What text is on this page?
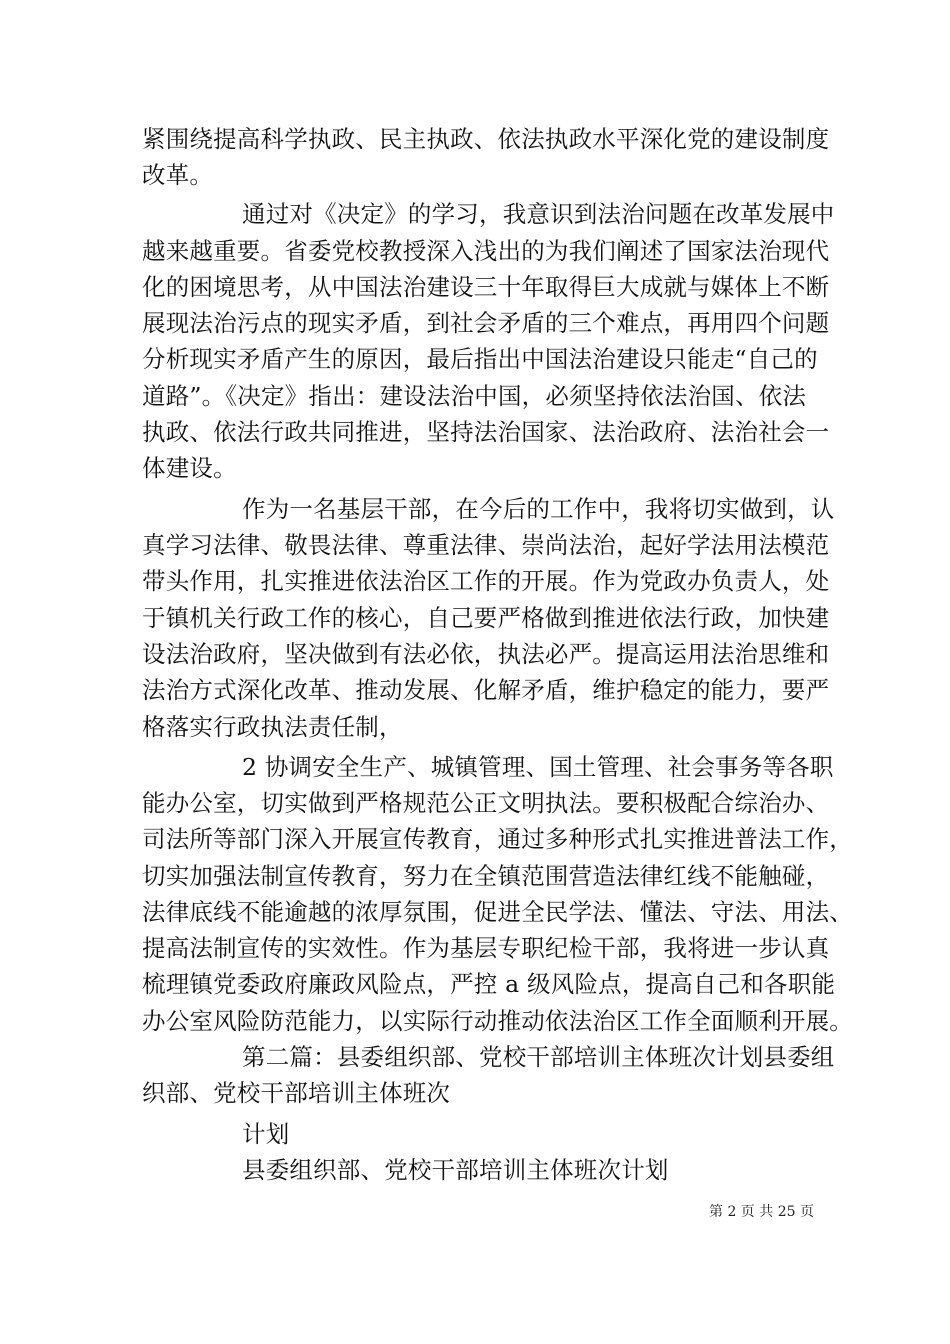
紧围绕提高科学执政、民主执政、依法执政水平深化党的建设制度
改革。
通过对《决定》的学习，我意识到法治问题在改革发展中
越来越重要。省委党校教授深入浅出的为我们阐述了国家法治现代
化的困境思考，从中国法治建设三十年取得巨大成就与媒体上不断
展现法治污点的现实矛盾，到社会矛盾的三个难点，再用四个问题
分析现实矛盾产生的原因，最后指出中国法治建设只能走“自己的
道路”。《决定》指出：建设法治中国，必须坚持依法治国、依法
执政、依法行政共同推进，坚持法治国家、法治政府、法治社会一
体建设。
作为一名基层干部，在今后的工作中，我将切实做到，认
真学习法律、敬畏法律、尊重法律、崇尚法治，起好学法用法模范
带头作用，扎实推进依法治区工作的开展。作为党政办负责人，处
于镇机关行政工作的核心，自己要严格做到推进依法行政，加快建
设法治政府，坚决做到有法必依，执法必严。提高运用法治思维和
法治方式深化改革、推动发展、化解矛盾，维护稳定的能力，要严
格落实行政执法责任制，
2 协调安全生产、城镇管理、国土管理、社会事务等各职
能办公室，切实做到严格规范公正文明执法。要积极配合综治办、
司法所等部门深入开展宣传教育，通过多种形式扎实推进普法工作，
切实加强法制宣传教育，努力在全镇范围营造法律红线不能触碰，
法律底线不能逾越的浓厚氛围，促进全民学法、懂法、守法、用法、
提高法制宣传的实效性。作为基层专职纪检干部，我将进一步认真
梳理镇党委政府廉政风险点，严控 a 级风险点，提高自己和各职能
办公室风险防范能力，以实际行动推动依法治区工作全面顺利开展。
第二篇：县委组织部、党校干部培训主体班次计划县委组
织部、党校干部培训主体班次
计划
县委组织部、党校干部培训主体班次计划
第 2 页 共 25 页
